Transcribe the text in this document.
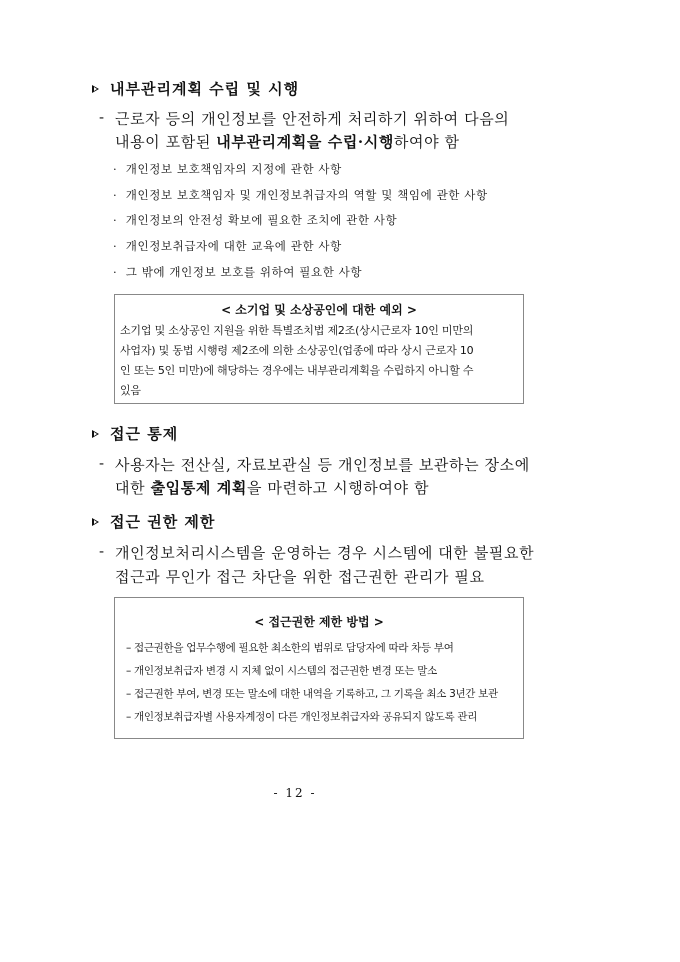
내부관리계획 수립 및 시행
- 근로자 등의 개인정보를 안전하게 처리하기 위하여 다음의
내용이 포함된 내부관리계획을 수립·시행하여야 함
· 개인정보 보호책임자의 지정에 관한 사항
· 개인정보 보호책임자 및 개인정보취급자의 역할 및 책임에 관한 사항
· 개인정보의 안전성 확보에 필요한 조치에 관한 사항
· 개인정보취급자에 대한 교육에 관한 사항
· 그 밖에 개인정보 보호를 위하여 필요한 사항
< 소기업 및 소상공인에 대한 예외 >
소기업 및 소상공인 지원을 위한 특별조치법 제2조(상시근로자 10인 미만의
사업자) 및 동법 시행령 제2조에 의한 소상공인(업종에 따라 상시 근로자 10
인 또는 5인 미만)에 해당하는 경우에는 내부관리계획을 수립하지 아니할 수
있음
접근 통제
- 사용자는 전산실, 자료보관실 등 개인정보를 보관하는 장소에
대한 출입통제 계획을 마련하고 시행하여야 함
접근 권한 제한
- 개인정보처리시스템을 운영하는 경우 시스템에 대한 불필요한
접근과 무인가 접근 차단을 위한 접근권한 관리가 필요
< 접근권한 제한 방법 >
– 접근권한을 업무수행에 필요한 최소한의 범위로 담당자에 따라 차등 부여
– 개인정보취급자 변경 시 지체 없이 시스템의 접근권한 변경 또는 말소
– 접근권한 부여, 변경 또는 말소에 대한 내역을 기록하고, 그 기록을 최소 3년간 보관
– 개인정보취급자별 사용자계정이 다른 개인정보취급자와 공유되지 않도록 관리
- 12 -
